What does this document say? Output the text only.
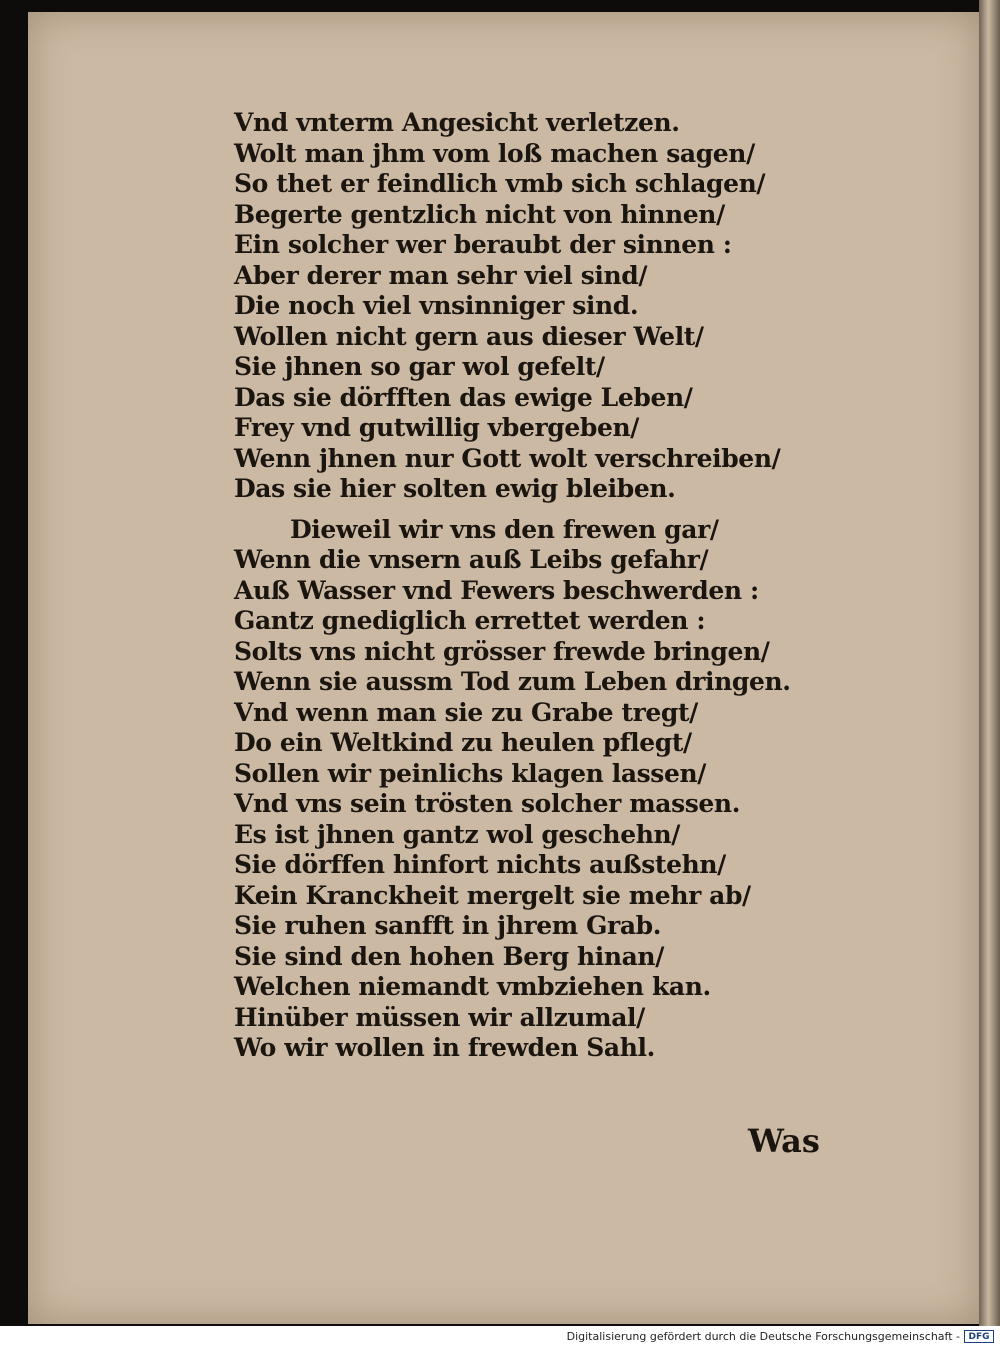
Vnd vnterm Angesicht verletzen.
Wolt man jhm vom loß machen sagen/
So thet er feindlich vmb sich schlagen/
Begerte gentzlich nicht von hinnen/
Ein solcher wer beraubt der sinnen :
Aber derer man sehr viel sind/
Die noch viel vnsinniger sind.
Wollen nicht gern aus dieser Welt/
Sie jhnen so gar wol gefelt/
Das sie dörfften das ewige Leben/
Frey vnd gutwillig vbergeben/
Wenn jhnen nur Gott wolt verschreiben/
Das sie hier solten ewig bleiben.
Dieweil wir vns den frewen gar/
Wenn die vnsern auß Leibs gefahr/
Auß Wasser vnd Fewers beschwerden :
Gantz gnediglich errettet werden :
Solts vns nicht grösser frewde bringen/
Wenn sie aussm Tod zum Leben dringen.
Vnd wenn man sie zu Grabe tregt/
Do ein Weltkind zu heulen pflegt/
Sollen wir peinlichs klagen lassen/
Vnd vns sein trösten solcher massen.
Es ist jhnen gantz wol geschehn/
Sie dörffen hinfort nichts außstehn/
Kein Kranckheit mergelt sie mehr ab/
Sie ruhen sanfft in jhrem Grab.
Sie sind den hohen Berg hinan/
Welchen niemandt vmbziehen kan.
Hinüber müssen wir allzumal/
Wo wir wollen in frewden Sahl.
Was
Digitalisierung gefördert durch die Deutsche Forschungsgemeinschaft - DFG
